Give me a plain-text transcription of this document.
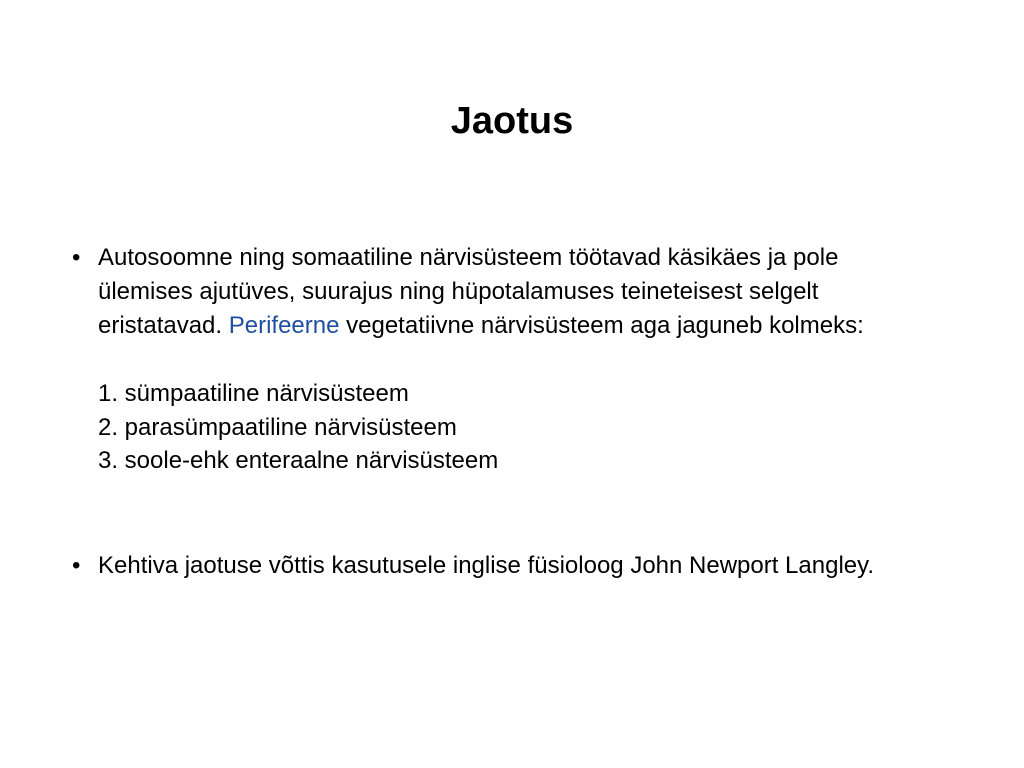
Jaotus
• Autosoomne ning somaatiline närvisüsteem töötavad käsikäes ja pole ülemises ajutüves, suurajus ning hüpotalamuses teineteisest selgelt eristatavad. Perifeerne vegetatiivne närvisüsteem aga jaguneb kolmeks:
1. sümpaatiline närvisüsteem
2. parasümpaatiline närvisüsteem
3. soole-ehk enteraalne närvisüsteem
• Kehtiva jaotuse võttis kasutusele inglise füsioloog John Newport Langley.
